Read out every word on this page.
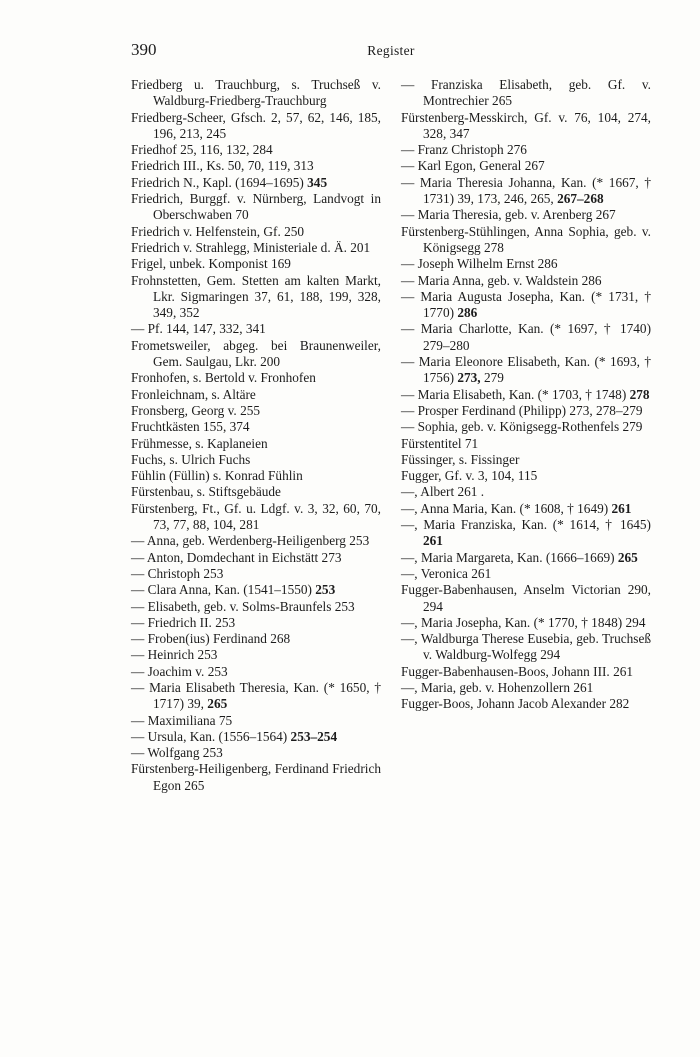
390	Register

Friedberg u. Trauchburg, s. Truchseß v. Waldburg-Friedberg-Trauchburg

Friedberg-Scheer, Gfsch. 2, 57, 62, 146, 185, 196, 213, 245

Friedhof 25, 116, 132, 284

Friedrich III., Ks. 50, 70, 119, 313

Friedrich N., Kapl. (1694–1695) 345

Friedrich, Burggf. v. Nürnberg, Landvogt in Oberschwaben 70

Friedrich v. Helfenstein, Gf. 250

Friedrich v. Strahlegg, Ministeriale d. Ä. 201

Frigel, unbek. Komponist 169

Frohnstetten, Gem. Stetten am kalten Markt, Lkr. Sigmaringen 37, 61, 188, 199, 328, 349, 352

— Pf. 144, 147, 332, 341

Frometsweiler, abgeg. bei Braunenweiler, Gem. Saulgau, Lkr. 200

Fronhofen, s. Bertold v. Fronhofen

Fronleichnam, s. Altäre

Fronsberg, Georg v. 255

Fruchtkästen 155, 374

Frühmesse, s. Kaplaneien

Fuchs, s. Ulrich Fuchs

Fühlin (Füllin) s. Konrad Fühlin

Fürstenbau, s. Stiftsgebäude

Fürstenberg, Ft., Gf. u. Ldgf. v. 3, 32, 60, 70, 73, 77, 88, 104, 281

— Anna, geb. Werdenberg-Heiligenberg 253

— Anton, Domdechant in Eichstätt 273

— Christoph 253

— Clara Anna, Kan. (1541–1550) 253

— Elisabeth, geb. v. Solms-Braunfels 253

— Friedrich II. 253

— Froben(ius) Ferdinand 268

— Heinrich 253

— Joachim v. 253

— Maria Elisabeth Theresia, Kan. (* 1650, † 1717) 39, 265

— Maximiliana 75

— Ursula, Kan. (1556–1564) 253–254

— Wolfgang 253

Fürstenberg-Heiligenberg, Ferdinand Friedrich Egon 265

— Franziska Elisabeth, geb. Gf. v. Montrechier 265

Fürstenberg-Messkirch, Gf. v. 76, 104, 274, 328, 347

— Franz Christoph 276

— Karl Egon, General 267

— Maria Theresia Johanna, Kan. (* 1667, † 1731) 39, 173, 246, 265, 267–268

— Maria Theresia, geb. v. Arenberg 267

Fürstenberg-Stühlingen, Anna Sophia, geb. v. Königsegg 278

— Joseph Wilhelm Ernst 286

— Maria Anna, geb. v. Waldstein 286

— Maria Augusta Josepha, Kan. (* 1731, † 1770) 286

— Maria Charlotte, Kan. (* 1697, † 1740) 279–280

— Maria Eleonore Elisabeth, Kan. (* 1693, † 1756) 273, 279

— Maria Elisabeth, Kan. (* 1703, † 1748) 278

— Prosper Ferdinand (Philipp) 273, 278–279

— Sophia, geb. v. Königsegg-Rothenfels 279

Fürstentitel 71

Füssinger, s. Fissinger

Fugger, Gf. v. 3, 104, 115

—, Albert 261 .

—, Anna Maria, Kan. (* 1608, † 1649) 261

—, Maria Franziska, Kan. (* 1614, † 1645) 261

—, Maria Margareta, Kan. (1666–1669) 265

—, Veronica 261

Fugger-Babenhausen, Anselm Victorian 290, 294

—, Maria Josepha, Kan. (* 1770, † 1848) 294

—, Waldburga Therese Eusebia, geb. Truchseß v. Waldburg-Wolfegg 294

Fugger-Babenhausen-Boos, Johann III. 261

—, Maria, geb. v. Hohenzollern 261

Fugger-Boos, Johann Jacob Alexander 282
